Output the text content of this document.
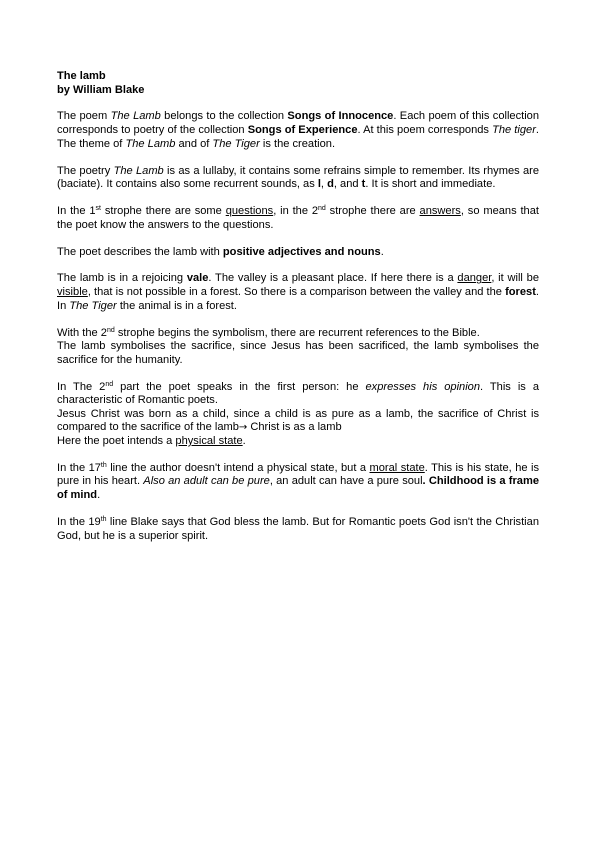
The lamb
by William Blake

The poem The Lamb belongs to the collection Songs of Innocence. Each poem of this collection corresponds to poetry of the collection Songs of Experience. At this poem corresponds The tiger. The theme of The Lamb and of The Tiger is the creation.

The poetry The Lamb is as a lullaby, it contains some refrains simple to remember. Its rhymes are (baciate). It contains also some recurrent sounds, as l, d, and t. It is short and immediate.

In the 1st strophe there are some questions, in the 2nd strophe there are answers, so means that the poet know the answers to the questions.

The poet describes the lamb with positive adjectives and nouns.

The lamb is in a rejoicing vale. The valley is a pleasant place. If here there is a danger, it will be visible, that is not possible in a forest. So there is a comparison between the valley and the forest. In The Tiger the animal is in a forest.

With the 2nd strophe begins the symbolism, there are recurrent references to the Bible.
The lamb symbolises the sacrifice, since Jesus has been sacrificed, the lamb symbolises the sacrifice for the humanity.

In The 2nd part the poet speaks in the first person: he expresses his opinion. This is a characteristic of Romantic poets.
Jesus Christ was born as a child, since a child is as pure as a lamb, the sacrifice of Christ is compared to the sacrifice of the lamb→ Christ is as a lamb
Here the poet intends a physical state.

In the 17th line the author doesn't intend a physical state, but a moral state. This is his state, he is pure in his heart. Also an adult can be pure, an adult can have a pure soul. Childhood is a frame of mind.

In the 19th line Blake says that God bless the lamb. But for Romantic poets God isn't the Christian God, but he is a superior spirit.
